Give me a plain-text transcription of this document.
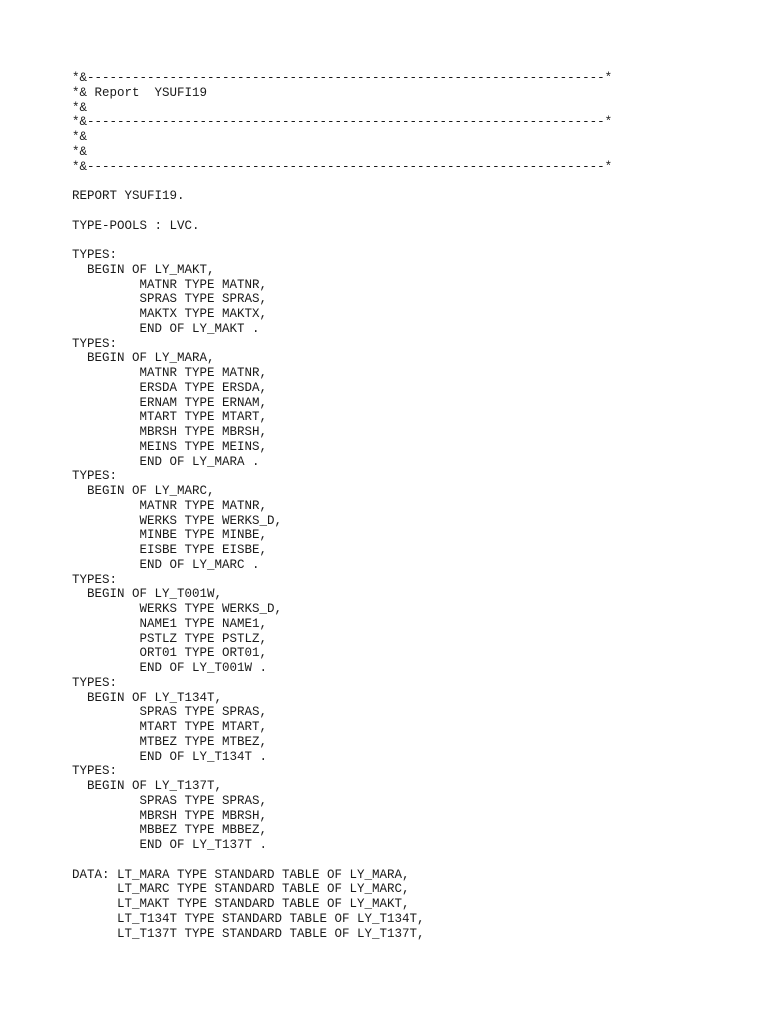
*&---------------------------------------------------------------------*
*& Report  YSUFI19
*&
*&---------------------------------------------------------------------*
*&
*&
*&---------------------------------------------------------------------*

REPORT YSUFI19.

TYPE-POOLS : LVC.

TYPES:
BEGIN OF LY_MAKT,
MATNR TYPE MATNR,
SPRAS TYPE SPRAS,
MAKTX TYPE MAKTX,
END OF LY_MAKT .
TYPES:
BEGIN OF LY_MARA,
MATNR TYPE MATNR,
ERSDA TYPE ERSDA,
ERNAM TYPE ERNAM,
MTART TYPE MTART,
MBRSH TYPE MBRSH,
MEINS TYPE MEINS,
END OF LY_MARA .
TYPES:
BEGIN OF LY_MARC,
MATNR TYPE MATNR,
WERKS TYPE WERKS_D,
MINBE TYPE MINBE,
EISBE TYPE EISBE,
END OF LY_MARC .
TYPES:
BEGIN OF LY_T001W,
WERKS TYPE WERKS_D,
NAME1 TYPE NAME1,
PSTLZ TYPE PSTLZ,
ORT01 TYPE ORT01,
END OF LY_T001W .
TYPES:
BEGIN OF LY_T134T,
SPRAS TYPE SPRAS,
MTART TYPE MTART,
MTBEZ TYPE MTBEZ,
END OF LY_T134T .
TYPES:
BEGIN OF LY_T137T,
SPRAS TYPE SPRAS,
MBRSH TYPE MBRSH,
MBBEZ TYPE MBBEZ,
END OF LY_T137T .

DATA: LT_MARA TYPE STANDARD TABLE OF LY_MARA,
LT_MARC TYPE STANDARD TABLE OF LY_MARC,
LT_MAKT TYPE STANDARD TABLE OF LY_MAKT,
LT_T134T TYPE STANDARD TABLE OF LY_T134T,
LT_T137T TYPE STANDARD TABLE OF LY_T137T,
